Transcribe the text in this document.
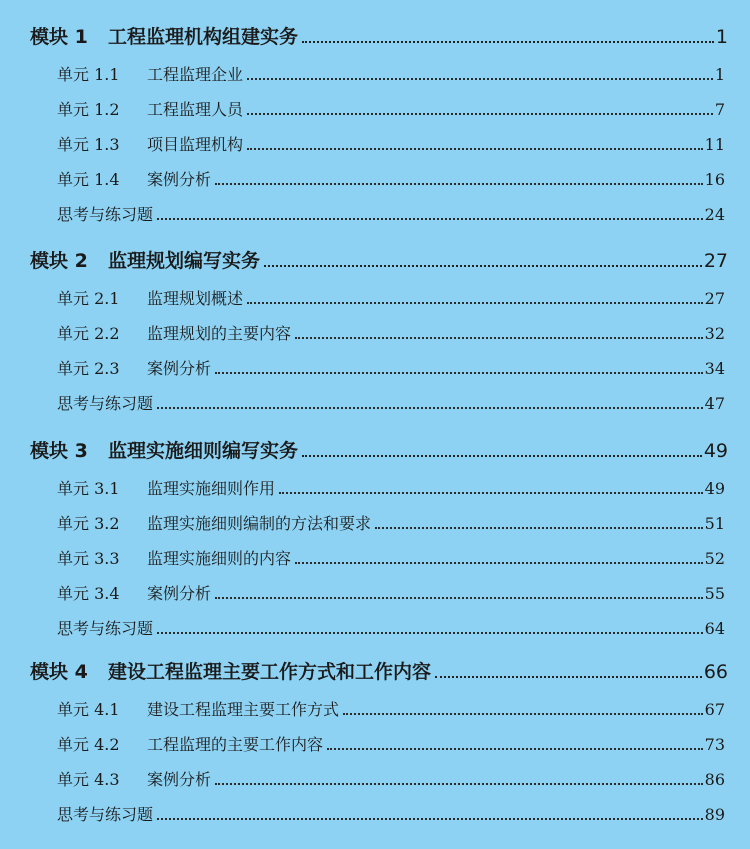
模块 1	工程监理机构组建实务	1
单元 1.1	工程监理企业	1
单元 1.2	工程监理人员	7
单元 1.3	项目监理机构	11
单元 1.4	案例分析	16
思考与练习题	24
模块 2	监理规划编写实务	27
单元 2.1	监理规划概述	27
单元 2.2	监理规划的主要内容	32
单元 2.3	案例分析	34
思考与练习题	47
模块 3	监理实施细则编写实务	49
单元 3.1	监理实施细则作用	49
单元 3.2	监理实施细则编制的方法和要求	51
单元 3.3	监理实施细则的内容	52
单元 3.4	案例分析	55
思考与练习题	64
模块 4	建设工程监理主要工作方式和工作内容	66
单元 4.1	建设工程监理主要工作方式	67
单元 4.2	工程监理的主要工作内容	73
单元 4.3	案例分析	86
思考与练习题	89
